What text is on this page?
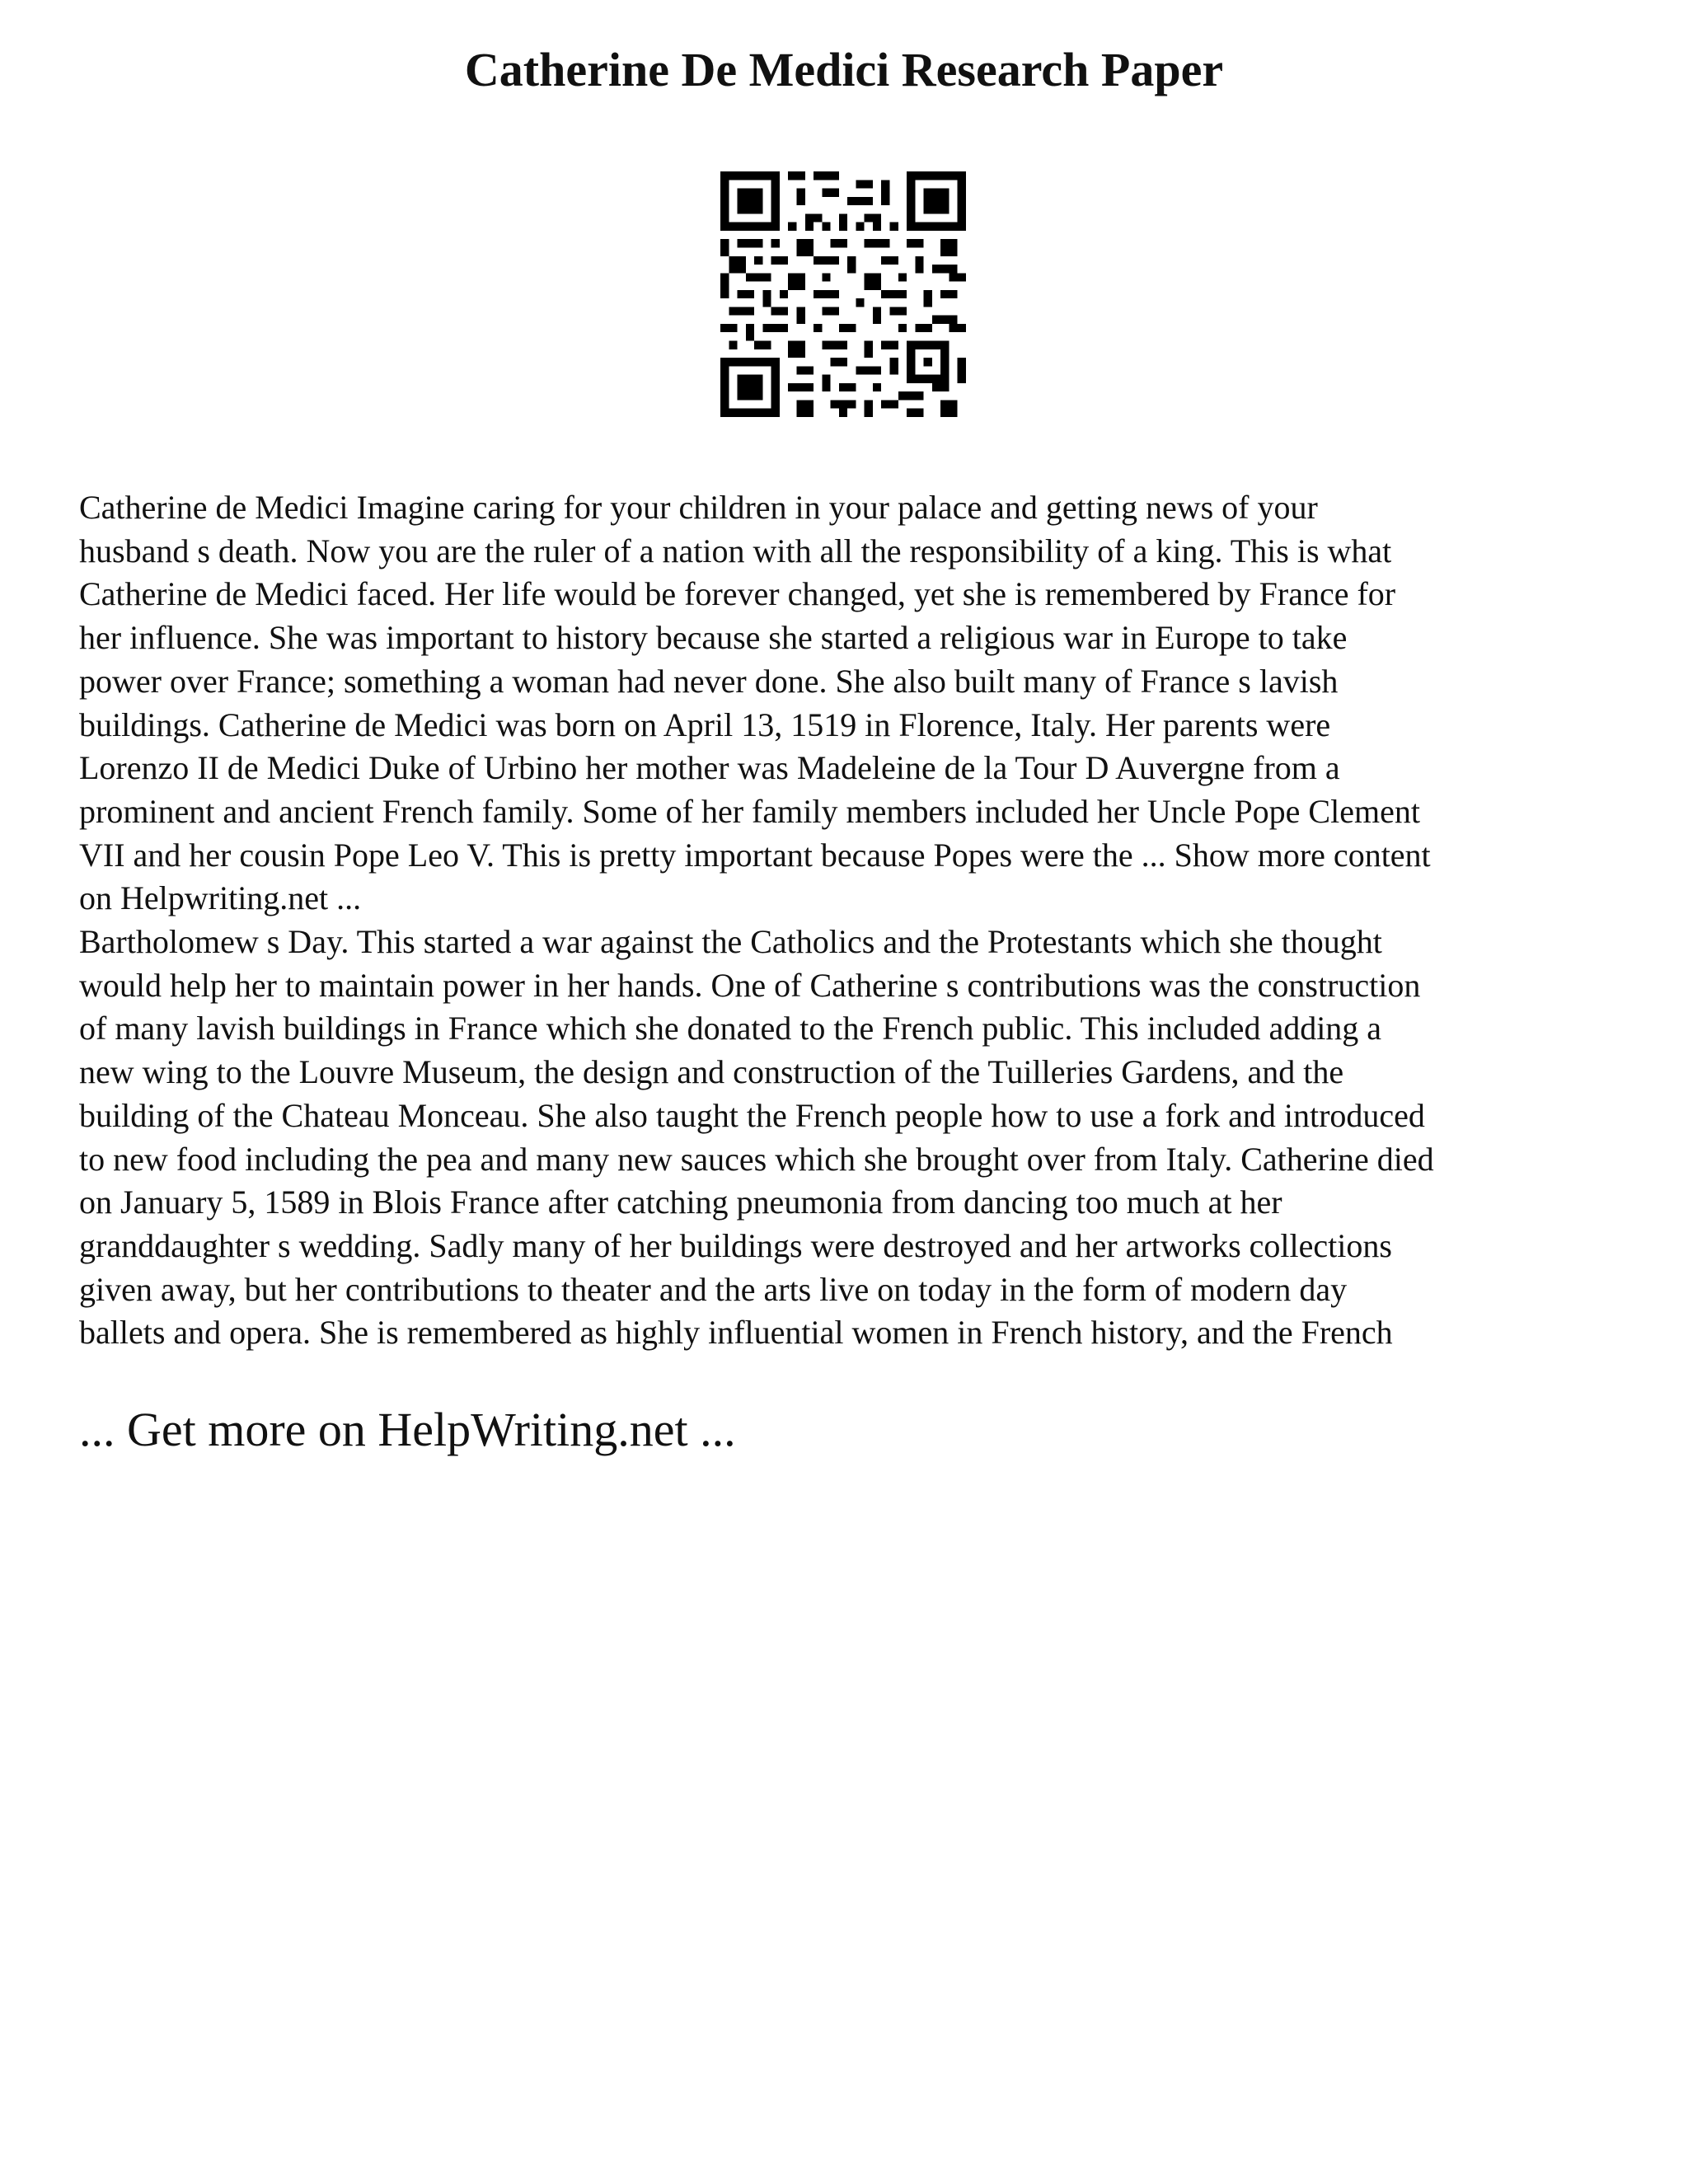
Catherine De Medici Research Paper
Catherine de Medici Imagine caring for your children in your palace and getting news of your
husband s death. Now you are the ruler of a nation with all the responsibility of a king. This is what
Catherine de Medici faced. Her life would be forever changed, yet she is remembered by France for
her influence. She was important to history because she started a religious war in Europe to take
power over France; something a woman had never done. She also built many of France s lavish
buildings. Catherine de Medici was born on April 13, 1519 in Florence, Italy. Her parents were
Lorenzo II de Medici Duke of Urbino her mother was Madeleine de la Tour D Auvergne from a
prominent and ancient French family. Some of her family members included her Uncle Pope Clement
VII and her cousin Pope Leo V. This is pretty important because Popes were the ... Show more content
on Helpwriting.net ...
Bartholomew s Day. This started a war against the Catholics and the Protestants which she thought
would help her to maintain power in her hands. One of Catherine s contributions was the construction
of many lavish buildings in France which she donated to the French public. This included adding a
new wing to the Louvre Museum, the design and construction of the Tuilleries Gardens, and the
building of the Chateau Monceau. She also taught the French people how to use a fork and introduced
to new food including the pea and many new sauces which she brought over from Italy. Catherine died
on January 5, 1589 in Blois France after catching pneumonia from dancing too much at her
granddaughter s wedding. Sadly many of her buildings were destroyed and her artworks collections
given away, but her contributions to theater and the arts live on today in the form of modern day
ballets and opera. She is remembered as highly influential women in French history, and the French

... Get more on HelpWriting.net ...
